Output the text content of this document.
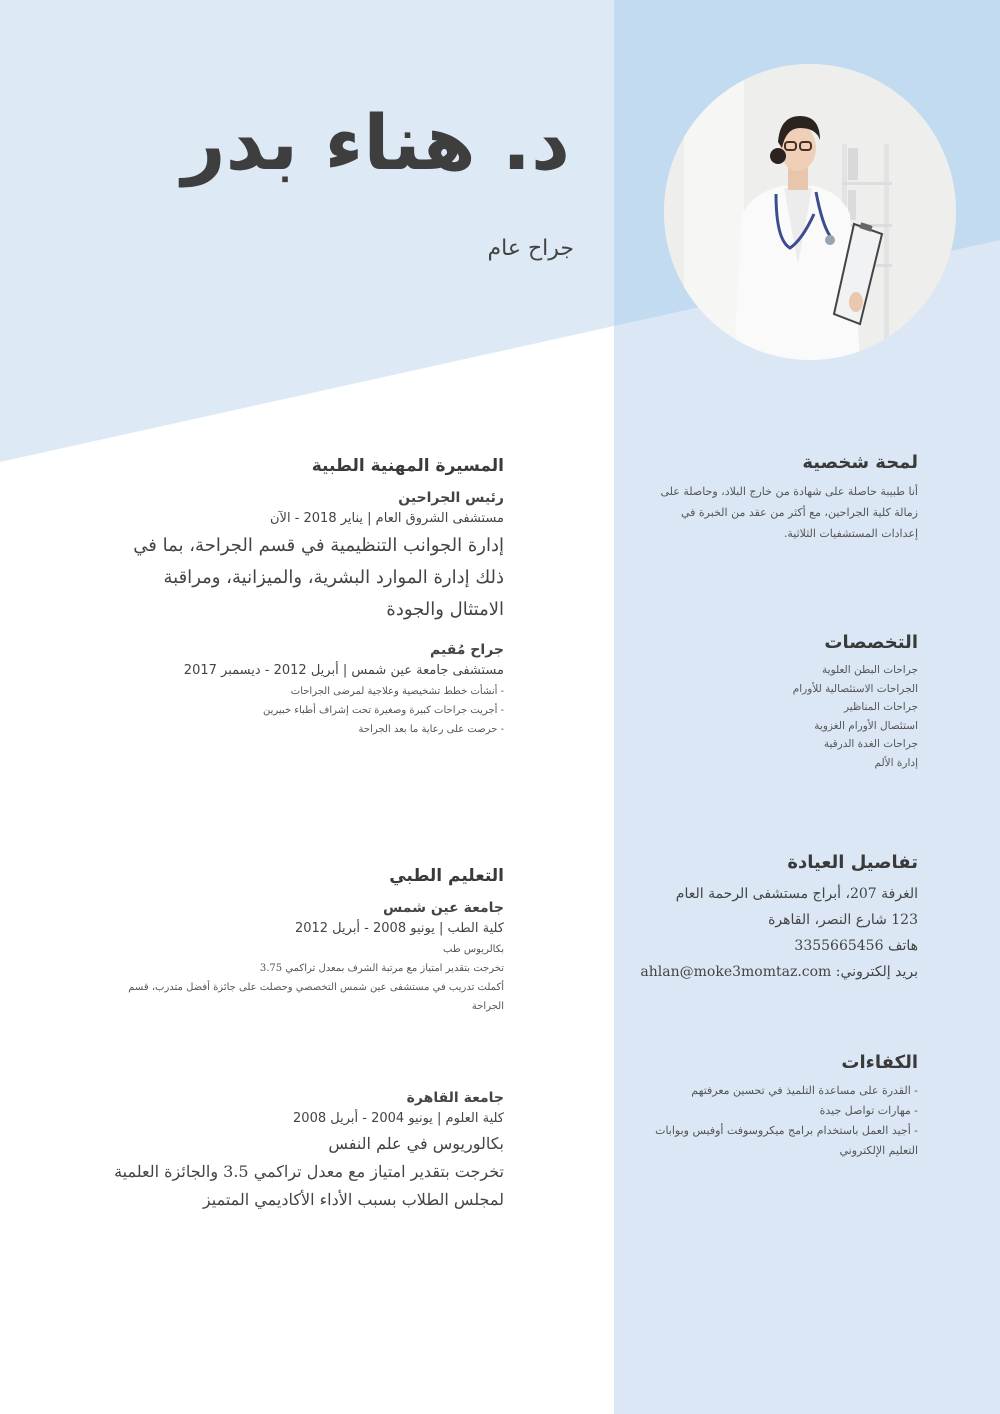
د. هناء بدر
جراح عام
لمحة شخصية

أنا طبيبة حاصلة على شهادة من خارج البلاد، وحاصلة على زمالة كلية الجراحين، مع أكثر من عقد من الخبرة في إعدادات المستشفيات الثلاثية.

التخصصات
جراحات البطن العلوية
الجراحات الاستئصالية للأورام
جراحات المناظير
استئصال الأورام الغزوية
جراحات الغدة الدرقية
إدارة الألم
تفاصيل العيادة

الغرفة 207، أبراج مستشفى الرحمة العام

123 شارع النصر، القاهرة

هاتف 3355665456

بريد إلكتروني: ahlan@moke3momtaz.com

الكفاءات
- القدرة على مساعدة التلميذ في تحسين معرفتهم
- مهارات تواصل جيدة
- أجيد العمل باستخدام برامج ميكروسوفت أوفيس وبوابات التعليم الإلكتروني
المسيرة المهنية الطبية
رئيس الجراحين
مستشفى الشروق العام | يناير 2018 - الآن

إدارة الجوانب التنظيمية في قسم الجراحة، بما في ذلك إدارة الموارد البشرية، والميزانية، ومراقبة الامتثال والجودة

جراح مُقيم
مستشفى جامعة عين شمس | أبريل 2012 - ديسمبر 2017
- أنشأت خطط تشخيصية وعلاجية لمرضى الجراحات
- أجريت جراحات كبيرة وصغيرة تحت إشراف أطباء خبيرين
- حرصت على رعاية ما بعد الجراحة
التعليم الطبي
جامعة عين شمس
كلية الطب | يونيو 2008 - أبريل 2012

بكالريوس طب

تخرجت بتقدير امتياز مع مرتبة الشرف بمعدل تراكمي 3.75

أكملت تدريب في مستشفى عين شمس التخصصي وحصلت على جائزة أفضل متدرب، قسم الجراحة

جامعة القاهرة
كلية العلوم | يونيو 2004 - أبريل 2008

بكالوريوس في علم النفس

تخرجت بتقدير امتياز مع معدل تراكمي 3.5 والجائزة العلمية لمجلس الطلاب بسبب الأداء الأكاديمي المتميز
